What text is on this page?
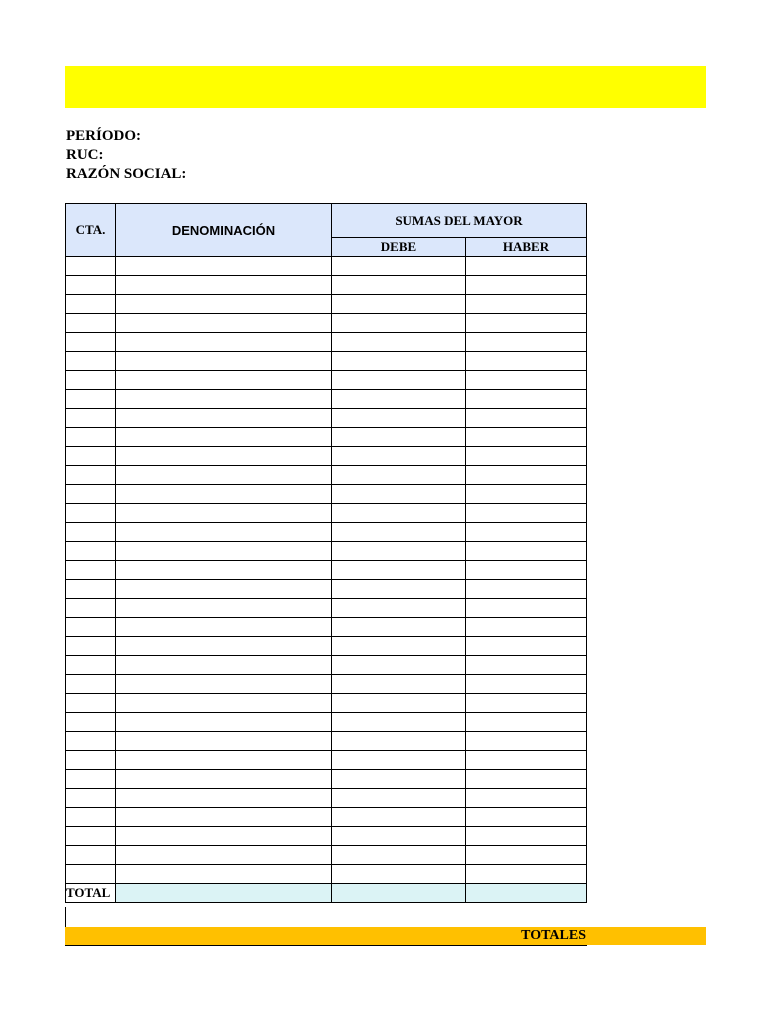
PERÍODO:
RUC:
RAZÓN SOCIAL:
CTA.	DENOMINACIÓN	SUMAS DEL MAYOR	
		DEBE	HABER

TOTAL			
TOTALES
